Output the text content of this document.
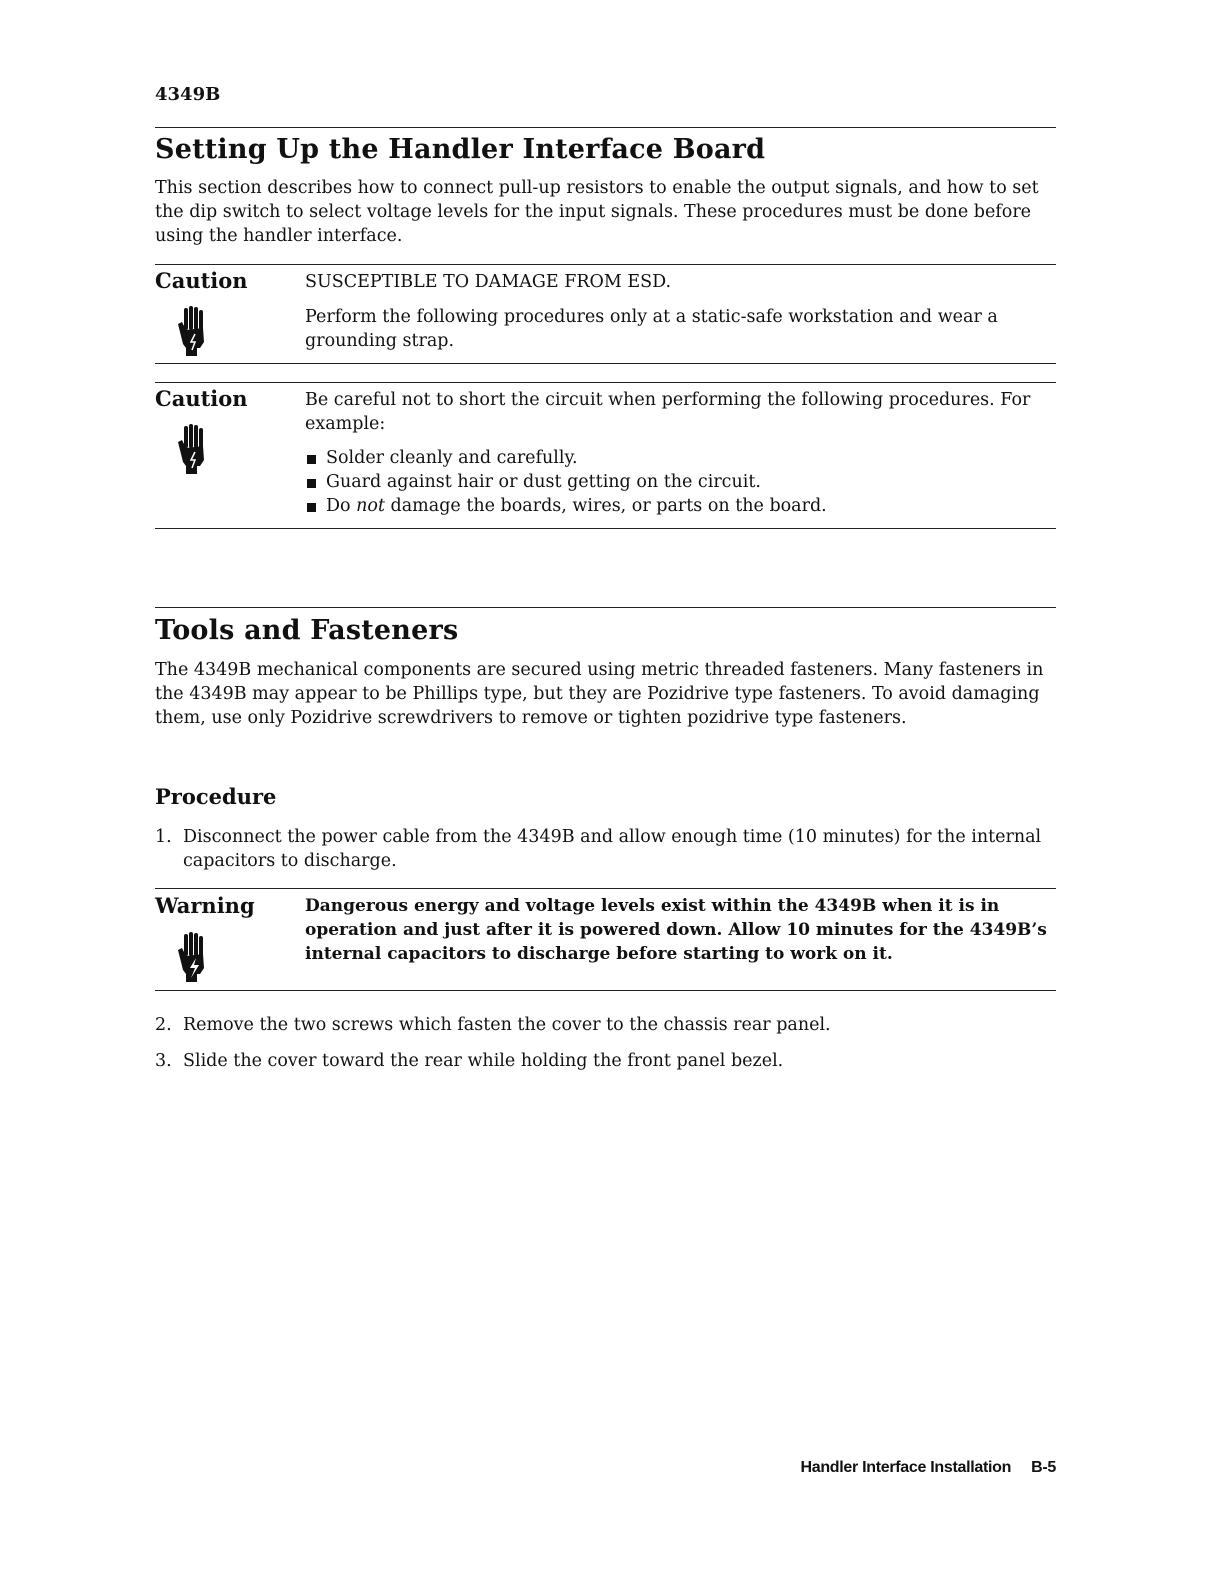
4349B
Setting Up the Handler Interface Board

This section describes how to connect pull-up resistors to enable the output signals, and how to set the dip switch to select voltage levels for the input signals. These procedures must be done before using the handler interface.

Caution	SUSCEPTIBLE TO DAMAGE FROM ESD.

Perform the following procedures only at a static-safe workstation and wear a grounding strap.

Caution	Be careful not to short the circuit when performing the following procedures. For example:

Solder cleanly and carefully.
Guard against hair or dust getting on the circuit.
Do not damage the boards, wires, or parts on the board.
Tools and Fasteners

The 4349B mechanical components are secured using metric threaded fasteners. Many fasteners in the 4349B may appear to be Phillips type, but they are Pozidrive type fasteners. To avoid damaging them, use only Pozidrive screwdrivers to remove or tighten pozidrive type fasteners.

Procedure
1. Disconnect the power cable from the 4349B and allow enough time (10 minutes) for the internal capacitors to discharge.
Warning	Dangerous energy and voltage levels exist within the 4349B when it is in operation and just after it is powered down. Allow 10 minutes for the 4349B’s internal capacitors to discharge before starting to work on it.

2. Remove the two screws which fasten the cover to the chassis rear panel.
3. Slide the cover toward the rear while holding the front panel bezel.
Handler Interface Installation B-5
